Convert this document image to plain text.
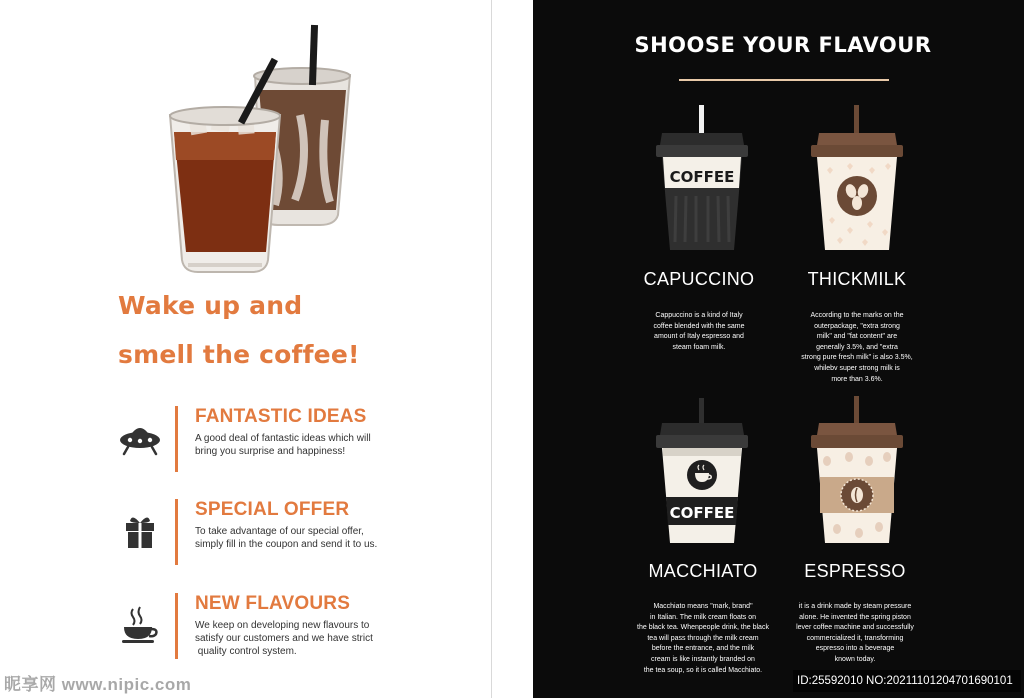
Wake up and
smell the coffee!
FANTASTIC IDEAS
A good deal of fantastic ideas which will
bring you surprise and happiness!
SPECIAL OFFER
To take advantage of our special offer,
simply fill in the coupon and send it to us.
NEW FLAVOURS
We keep on developing new flavours to
satisfy our customers and we have strict
quality control system.
昵享网 www.nipic.com
SHOOSE YOUR FLAVOUR
COFFEE
COFFEE
CAPUCCINO	THICKMILK
MACCHIATO	ESPRESSO
Cappuccino is a kind of Italy
coffee blended with the same
amount of Italy espresso and
steam foam milk.
According to the marks on the
outerpackage, "extra strong
milk" and "fat content" are
generally 3.5%, and "extra
strong pure fresh milk" is also 3.5%,
whilebv super strong milk is
more than 3.6%.
Macchiato means "mark, brand"
in Italian. The milk cream floats on
the black tea. Whenpeople drink, the black
tea will pass through the milk cream
before the entrance, and the milk
cream is like instantly branded on
the tea soup, so it is called Macchiato.
it is a drink made by steam pressure
alone. He invented the spring piston
lever coffee machine and successfully
commercialized it, transforming
espresso into a beverage
known today.
ID:25592010 NO:20211101204701690101
